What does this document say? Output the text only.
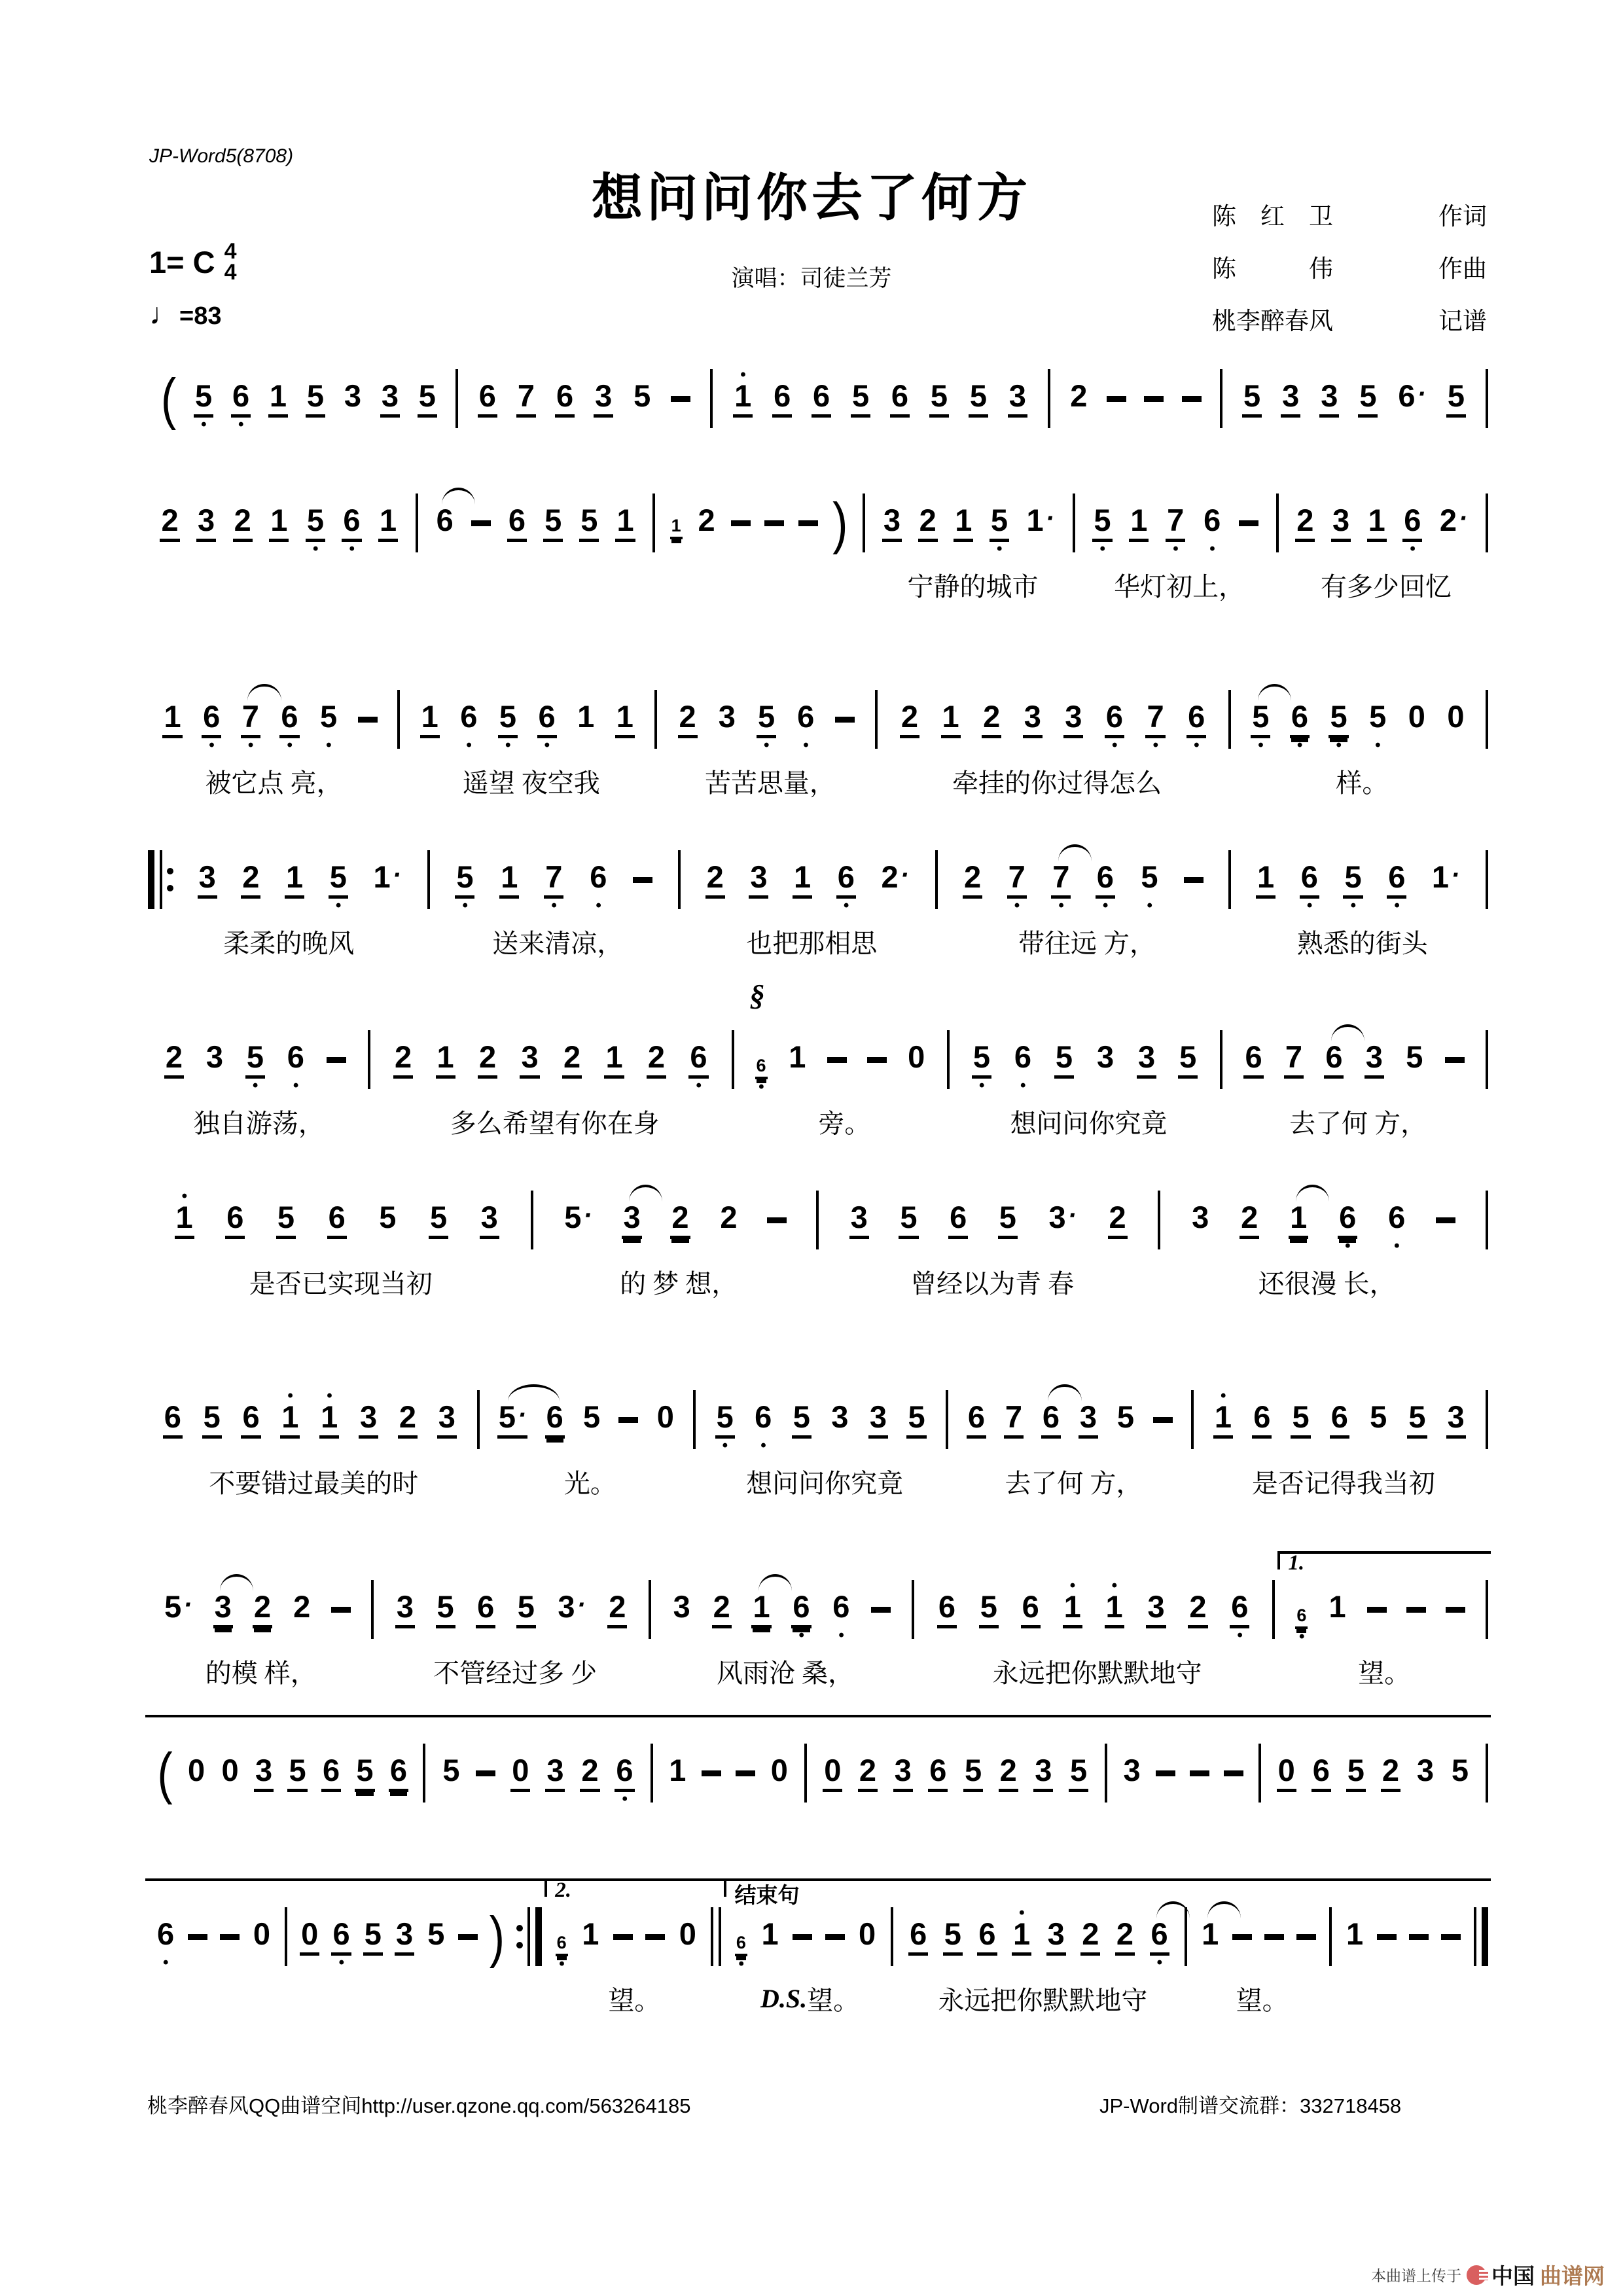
JP-Word5(8708)
想问问你去了何方
演唱：司徒兰芳
陈　红　卫	作词
陈　　　伟	作曲
桃李醉春风	记谱
1= C 4
4
♩=83
( 5
•
6
•
1 5 3 3 5 6 7 6 3 5
•
1 6 6 5 6 5 5 3 2	5 3 3 5 6· 5
2 3 2 1 5
•
6
•
1 6 6 5 5 1 1 2	) 3 2 1 5
•
1·
宁静的城市
5
•
1 7
•
6
•
华灯初上，
2 3 1 6
•
2·
有多少回忆
1 6
•
7
•
6
•
5
•
被它点 亮，
1 6
•
5
•
6
•
1 1
遥望 夜空我
2 3 5
•
6
•
苦苦思量，
2 1 2 3 3 6
•
7
•
6
•
牵挂的你过得怎么
5
•
6
•
5
•
5
•
0 0
样。
3 2 1 5
•
1·
柔柔的晚风
5
•
1 7
•
6
•
送来清凉，
2 3 1 6
•
2·
也把那相思
2 7
•
7
•
6
•
5
•
带往远 方，
1 6
•
5
•
6
•
1·
熟悉的街头
2 3 5
•
6
•
独自游荡，
2 1 2 3 2 1 2 6
•
多么希望有你在身
§
6
•
1	0
旁。
5
•
6
•
5 3 3 5
想问问你究竟
6 7 6 3 5
去了何 方，
•
1 6 5 6 5 5 3
是否已实现当初
5· 3 2 2
的 梦 想，
3 5 6 5 3· 2
曾经以为青 春
3 2 1 6
•
6
•
还很漫 长，
6 5 6
•
1
•
1 3 2 3
不要错过最美的时
5· 6 5 0
光。
5
•
6
•
5 3 3 5
想问问你究竟
6 7 6 3 5
去了何 方，
•
1 6 5 6 5 5 3
是否记得我当初
5· 3 2 2
的模 样，
3 5 6 5 3· 2
不管经过多 少
3 2 1 6
•
6
•
风雨沧 桑，
6 5 6
•
1
•
1 3 2 6
•
永远把你默默地守
1.
6
•
1
望。
( 0 0 3 5 6 5 6 5 0 3 2 6
•
1	0 0 2 3 6 5 2 3 5 3	0 6 5 2 3 5
6
•
0 0 6
•
5 3 5 )
2.
6
•
1	0
望。
结束句
6
•
1	0
D.S. 望。
6 5 6
•
1 3 2 2 6
•
永远把你默默地守
1
望。
1
桃李醉春风QQ曲谱空间http://user.qzone.qq.com/563264185	JP-Word制谱交流群：332718458
本曲谱上传于 中国 曲谱网
